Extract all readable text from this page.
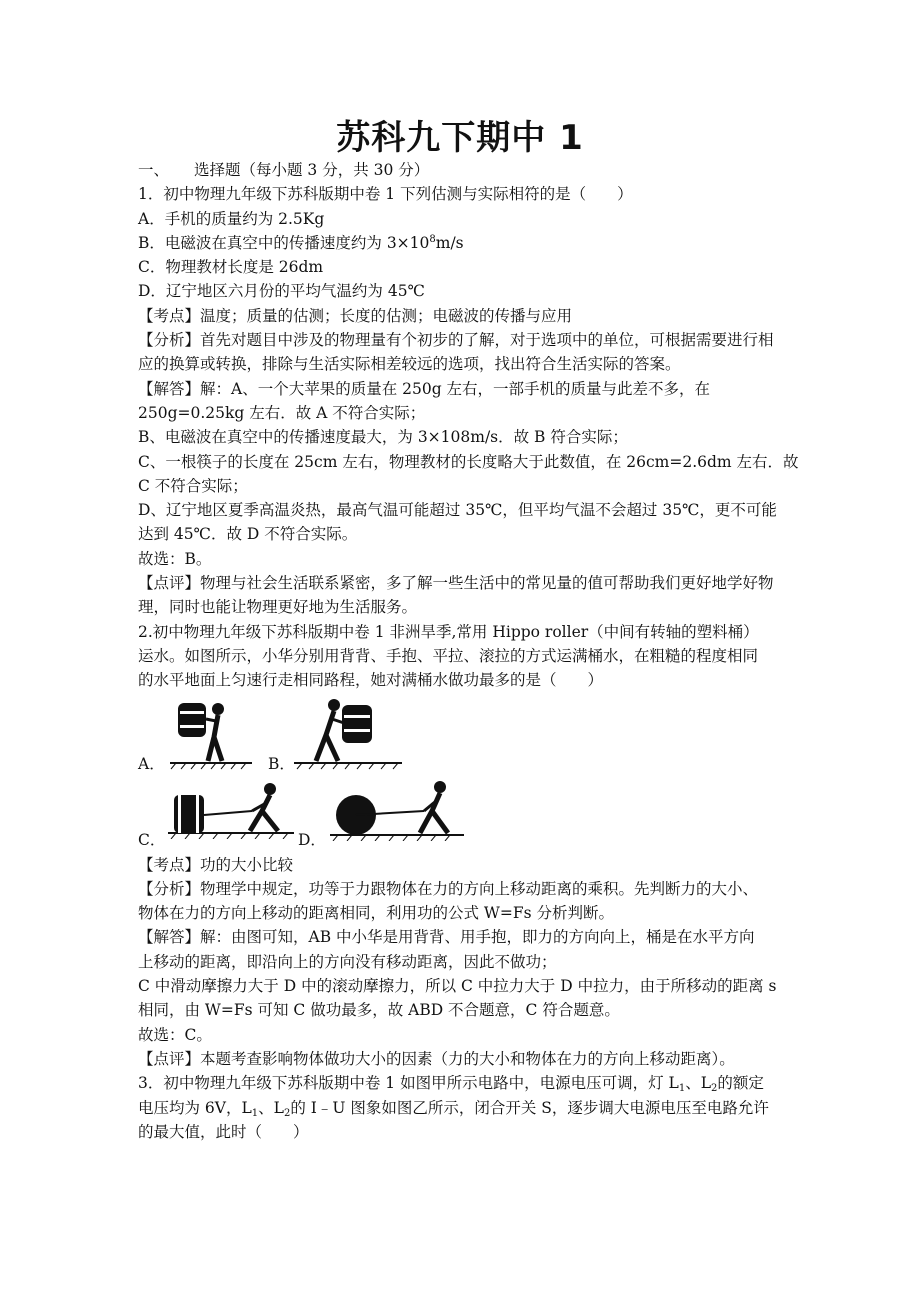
苏科九下期中 1
一、 选择题（每小题 3 分，共 30 分）
1．初中物理九年级下苏科版期中卷 1 下列估测与实际相符的是（　　）
A．手机的质量约为 2.5Kg
B．电磁波在真空中的传播速度约为 $3\times 10^8m/s$
C．物理教材长度是 26dm
D．辽宁地区六月份的平均气温约为 45℃
【考点】温度；质量的估测；长度的估测；电磁波的传播与应用
【分析】首先对题目中涉及的物理量有个初步的了解，对于选项中的单位，可根据需要进行相应的换算或转换，排除与生活实际相差较远的选项，找出符合生活实际的答案。
【解答】解：A、一个大苹果的质量在 250g 左右，一部手机的质量与此差不多，在
250g=0.25kg 左右．故 A 不符合实际；
B、电磁波在真空中的传播速度最大，为 3×108m/s．故 B 符合实际；
C、一根筷子的长度在 25cm 左右，物理教材的长度略大于此数值，在 26cm=2.6dm 左右．故
C 不符合实际；
D、辽宁地区夏季高温炎热，最高气温可能超过 35℃，但平均气温不会超过 35℃，更不可能
达到 45℃．故 D 不符合实际。
故选：B。
【点评】物理与社会生活联系紧密，多了解一些生活中的常见量的值可帮助我们更好地学好物理，同时也能让物理更好地为生活服务。
2.初中物理九年级下苏科版期中卷 1 非洲旱季,常用 Hippo roller（中间有转轴的塑料桶）
运水。如图所示，小华分别用背背、手抱、平拉、滚拉的方式运满桶水，在粗糙的程度相同
的水平地面上匀速行走相同路程，她对满桶水做功最多的是（　　）
A．	B．
C．	D．
【考点】功的大小比较
【分析】物理学中规定，功等于力跟物体在力的方向上移动距离的乘积。先判断力的大小、
物体在力的方向上移动的距离相同，利用功的公式 W=Fs 分析判断。
【解答】解：由图可知，AB 中小华是用背背、用手抱，即力的方向向上，桶是在水平方向
上移动的距离，即沿向上的方向没有移动距离，因此不做功；
C 中滑动摩擦力大于 D 中的滚动摩擦力，所以 C 中拉力大于 D 中拉力，由于所移动的距离 s
相同，由 W=Fs 可知 C 做功最多，故 ABD 不合题意，C 符合题意。
故选：C。
【点评】本题考查影响物体做功大小的因素（力的大小和物体在力的方向上移动距离）。
3．初中物理九年级下苏科版期中卷 1 如图甲所示电路中，电源电压可调，灯 $L_1$、$L_2$的额定
电压均为 6V，$L_1$、$L_2$的 I﹣U 图象如图乙所示，闭合开关 S，逐步调大电源电压至电路允许
的最大值，此时（　　）
